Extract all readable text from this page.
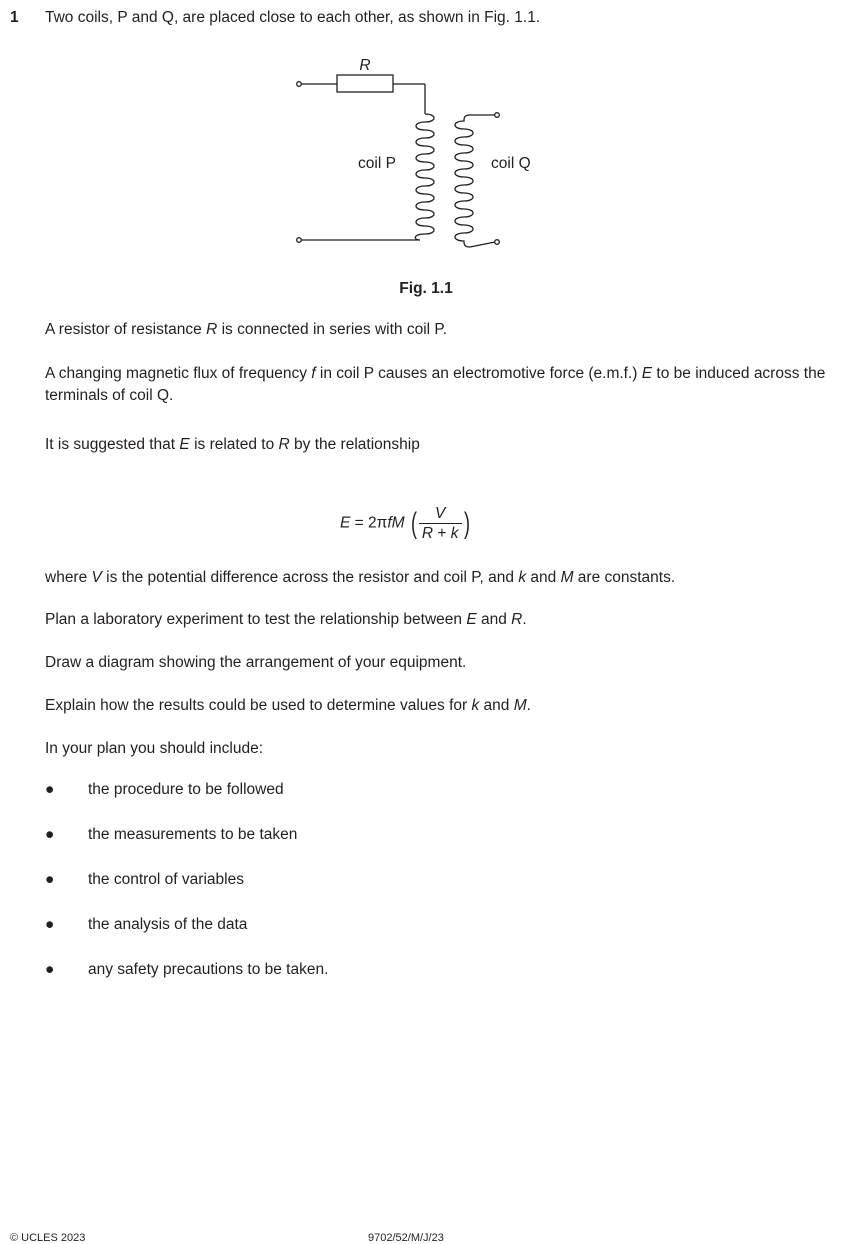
1 Two coils, P and Q, are placed close to each other, as shown in Fig. 1.1.
R
coil P	coil Q
Fig. 1.1
A resistor of resistance R is connected in series with coil P.
A changing magnetic flux of frequency f in coil P causes an electromotive force (e.m.f.) E to be induced across the terminals of coil Q.
It is suggested that E is related to R by the relationship
E = 2πfM ( $\frac{V}{R + k}$ )
where V is the potential difference across the resistor and coil P, and k and M are constants.
Plan a laboratory experiment to test the relationship between E and R.
Draw a diagram showing the arrangement of your equipment.
Explain how the results could be used to determine values for k and M.
In your plan you should include:
● the procedure to be followed
● the measurements to be taken
● the control of variables
● the analysis of the data
● any safety precautions to be taken.
© UCLES 2023	9702/52/M/J/23
